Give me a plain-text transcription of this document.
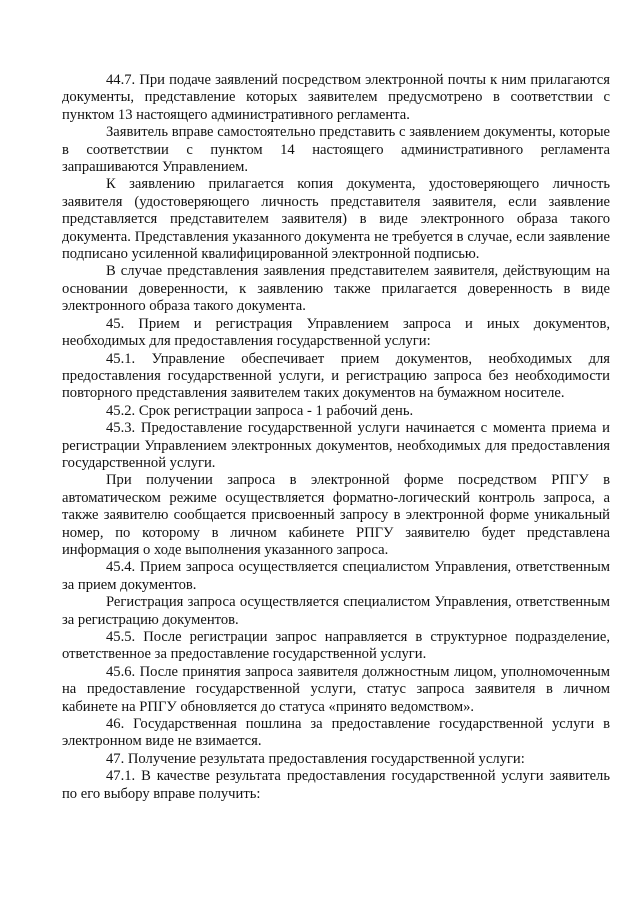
44.7. При подаче заявлений посредством электронной почты к ним прилагаются документы, представление которых заявителем предусмотрено в соответствии с пунктом 13 настоящего административного регламента.

Заявитель вправе самостоятельно представить с заявлением документы, которые в соответствии с пунктом 14 настоящего административного регламента запрашиваются Управлением.

К заявлению прилагается копия документа, удостоверяющего личность заявителя (удостоверяющего личность представителя заявителя, если заявление представляется представителем заявителя) в виде электронного образа такого документа. Представления указанного документа не требуется в случае, если заявление подписано усиленной квалифицированной электронной подписью.

В случае представления заявления представителем заявителя, действующим на основании доверенности, к заявлению также прилагается доверенность в виде электронного образа такого документа.

45. Прием и регистрация Управлением запроса и иных документов, необходимых для предоставления государственной услуги:

45.1. Управление обеспечивает прием документов, необходимых для предоставления государственной услуги, и регистрацию запроса без необходимости повторного представления заявителем таких документов на бумажном носителе.

45.2. Срок регистрации запроса - 1 рабочий день.

45.3. Предоставление государственной услуги начинается с момента приема и регистрации Управлением электронных документов, необходимых для предоставления государственной услуги.

При получении запроса в электронной форме посредством РПГУ в автоматическом режиме осуществляется форматно-логический контроль запроса, а также заявителю сообщается присвоенный запросу в электронной форме уникальный номер, по которому в личном кабинете РПГУ заявителю будет представлена информация о ходе выполнения указанного запроса.

45.4. Прием запроса осуществляется специалистом Управления, ответственным за прием документов.

Регистрация запроса осуществляется специалистом Управления, ответственным за регистрацию документов.

45.5. После регистрации запрос направляется в структурное подразделение, ответственное за предоставление государственной услуги.

45.6. После принятия запроса заявителя должностным лицом, уполномоченным на предоставление государственной услуги, статус запроса заявителя в личном кабинете на РПГУ обновляется до статуса «принято ведомством».

46. Государственная пошлина за предоставление государственной услуги в электронном виде не взимается.

47. Получение результата предоставления государственной услуги:

47.1. В качестве результата предоставления государственной услуги заявитель по его выбору вправе получить:
